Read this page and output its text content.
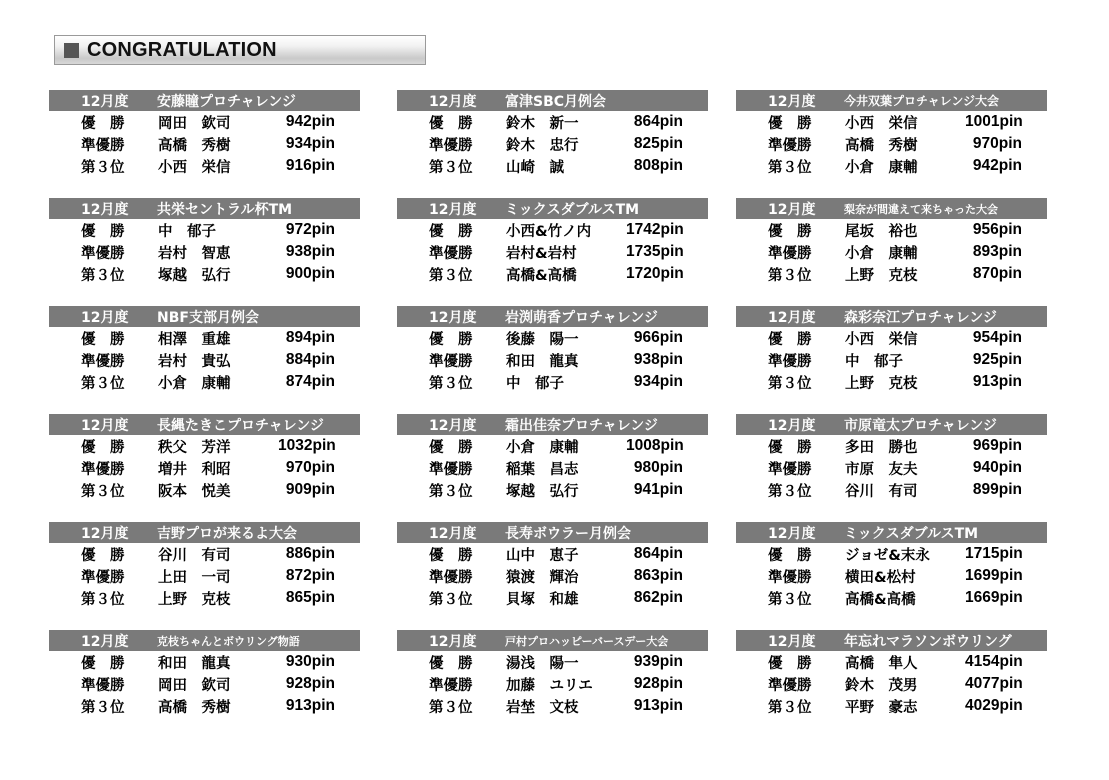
CONGRATULATION
12月度	安藤瞳プロチャレンジ
優　勝	岡田　欽司	942pin
準優勝	高橋　秀樹	934pin
第３位	小西　栄信	916pin
12月度	共栄セントラル杯TM
優　勝	中　郁子	972pin
準優勝	岩村　智恵	938pin
第３位	塚越　弘行	900pin
12月度	NBF支部月例会
優　勝	相澤　重雄	894pin
準優勝	岩村　貴弘	884pin
第３位	小倉　康輔	874pin
12月度	長縄たきこプロチャレンジ
優　勝	秩父　芳洋	1032pin
準優勝	増井　利昭	970pin
第３位	阪本　悦美	909pin
12月度	吉野プロが来るよ大会
優　勝	谷川　有司	886pin
準優勝	上田　一司	872pin
第３位	上野　克枝	865pin
12月度	克枝ちゃんとボウリング物語
優　勝	和田　龍真	930pin
準優勝	岡田　欽司	928pin
第３位	高橋　秀樹	913pin
12月度	富津SBC月例会
優　勝	鈴木　新一	864pin
準優勝	鈴木　忠行	825pin
第３位	山崎　誠	808pin
12月度	ミックスダブルスTM
優　勝	小西&竹ノ内	1742pin
準優勝	岩村&岩村	1735pin
第３位	高橋&高橋	1720pin
12月度	岩渕萌香プロチャレンジ
優　勝	後藤　陽一	966pin
準優勝	和田　龍真	938pin
第３位	中　郁子	934pin
12月度	霜出佳奈プロチャレンジ
優　勝	小倉　康輔	1008pin
準優勝	稲葉　昌志	980pin
第３位	塚越　弘行	941pin
12月度	長寿ボウラー月例会
優　勝	山中　恵子	864pin
準優勝	猿渡　輝治	863pin
第３位	貝塚　和雄	862pin
12月度	戸村プロハッピーバースデー大会
優　勝	湯浅　陽一	939pin
準優勝	加藤　ユリエ	928pin
第３位	岩埜　文枝	913pin
12月度	今井双葉プロチャレンジ大会
優　勝	小西　栄信	1001pin
準優勝	高橋　秀樹	970pin
第３位	小倉　康輔	942pin
12月度	梨奈が間違えて来ちゃった大会
優　勝	尾坂　裕也	956pin
準優勝	小倉　康輔	893pin
第３位	上野　克枝	870pin
12月度	森彩奈江プロチャレンジ
優　勝	小西　栄信	954pin
準優勝	中　郁子	925pin
第３位	上野　克枝	913pin
12月度	市原竜太プロチャレンジ
優　勝	多田　勝也	969pin
準優勝	市原　友夫	940pin
第３位	谷川　有司	899pin
12月度	ミックスダブルスTM
優　勝	ジョゼ&末永	1715pin
準優勝	横田&松村	1699pin
第３位	高橋&高橋	1669pin
12月度	年忘れマラソンボウリング
優　勝	高橋　隼人	4154pin
準優勝	鈴木　茂男	4077pin
第３位	平野　豪志	4029pin
